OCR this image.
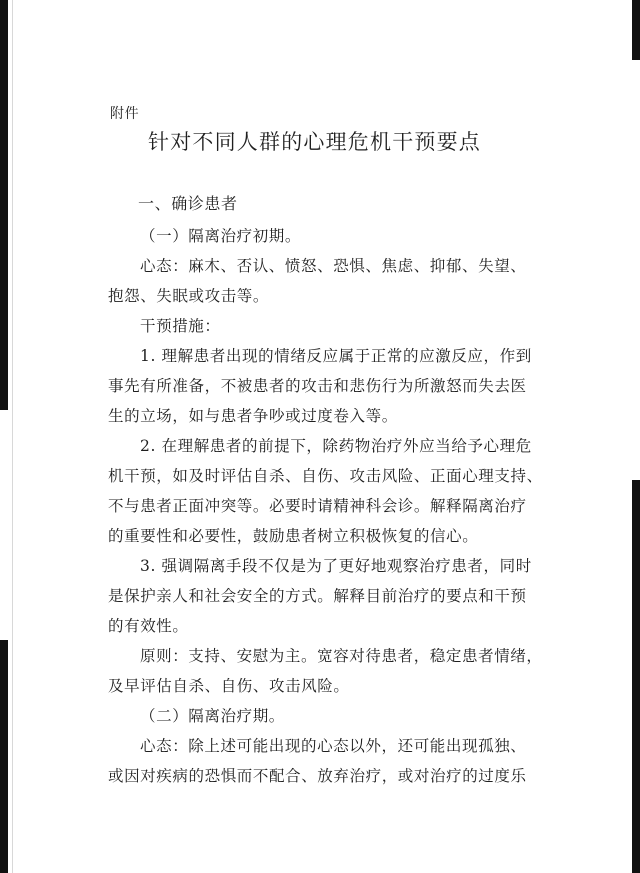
附件
针对不同人群的心理危机干预要点
一、确诊患者
（一）隔离治疗初期。
心态：麻木、否认、愤怒、恐惧、焦虑、抑郁、失望、
抱怨、失眠或攻击等。
干预措施：
1. 理解患者出现的情绪反应属于正常的应激反应，作到
事先有所准备，不被患者的攻击和悲伤行为所激怒而失去医
生的立场，如与患者争吵或过度卷入等。
2. 在理解患者的前提下，除药物治疗外应当给予心理危
机干预，如及时评估自杀、自伤、攻击风险、正面心理支持、
不与患者正面冲突等。必要时请精神科会诊。解释隔离治疗
的重要性和必要性，鼓励患者树立积极恢复的信心。
3. 强调隔离手段不仅是为了更好地观察治疗患者，同时
是保护亲人和社会安全的方式。解释目前治疗的要点和干预
的有效性。
原则：支持、安慰为主。宽容对待患者，稳定患者情绪，
及早评估自杀、自伤、攻击风险。
（二）隔离治疗期。
心态：除上述可能出现的心态以外，还可能出现孤独、
或因对疾病的恐惧而不配合、放弃治疗，或对治疗的过度乐
